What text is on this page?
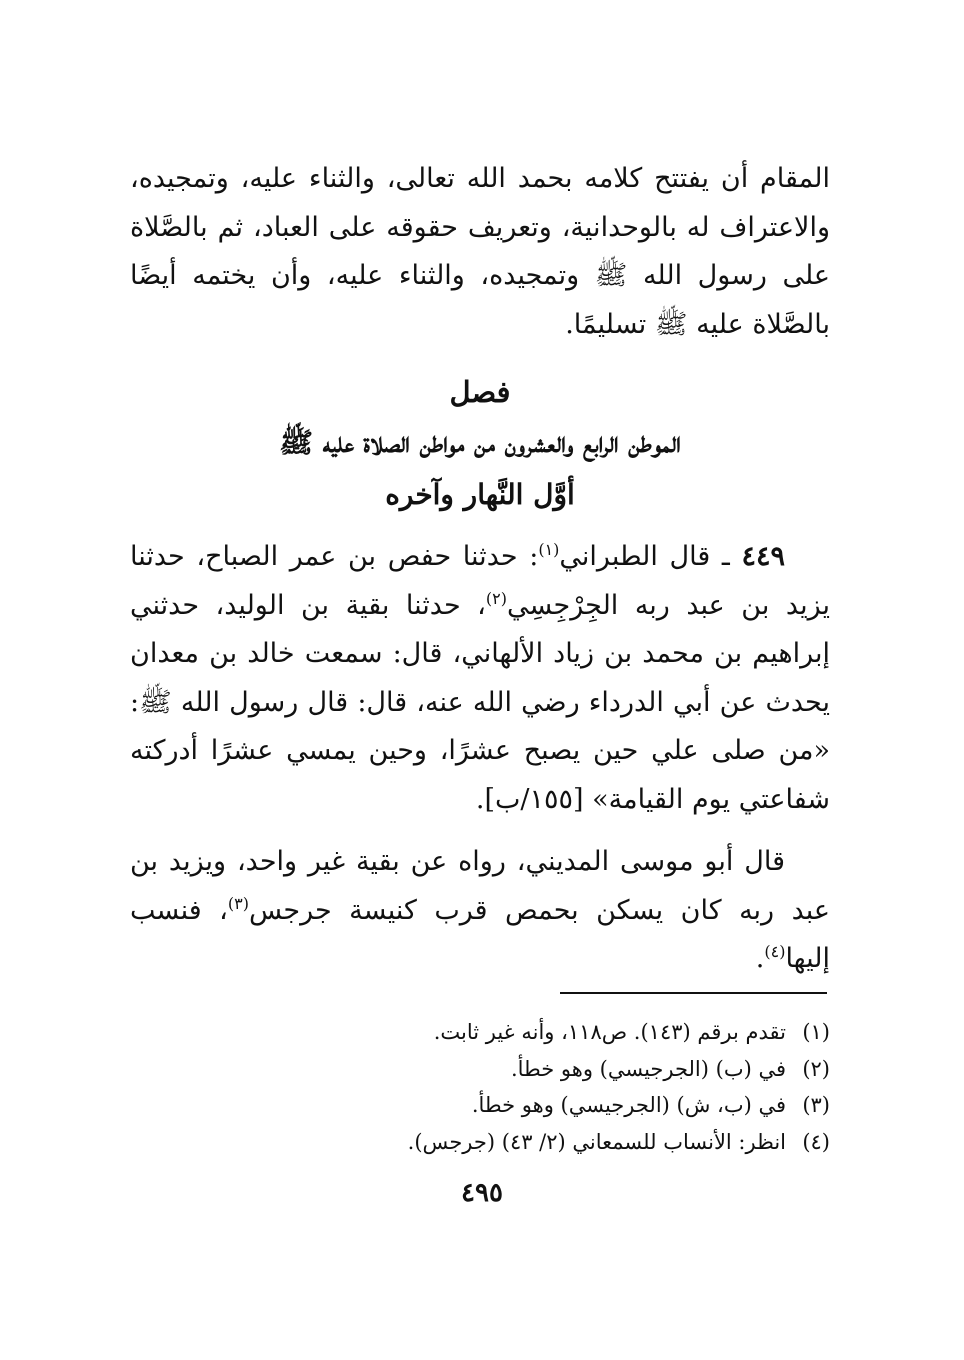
المقام أن يفتتح كلامه بحمد الله تعالى، والثناء عليه، وتمجيده، والاعتراف له بالوحدانية، وتعريف حقوقه على العباد، ثم بالصَّلاة على رسول الله ﷺ وتمجيده، والثناء عليه، وأن يختمه أيضًا بالصَّلاة عليه ﷺ تسليمًا.

فصل

الموطن الرابع والعشرون من مواطن الصلاة عليه ﷺ

أوَّل النَّهار وآخره

٤٤٩ ـ قال الطبراني$^{(١)}$: حدثنا حفص بن عمر الصباح، حدثنا يزيد بن عبد ربه الجِرْجِسِي$^{(٢)}$، حدثنا بقية بن الوليد، حدثني إبراهيم بن محمد بن زياد الألهاني، قال: سمعت خالد بن معدان يحدث عن أبي الدرداء رضي الله عنه، قال: قال رسول الله ﷺ: «من صلى علي حين يصبح عشرًا، وحين يمسي عشرًا أدركته شفاعتي يوم القيامة» [١٥٥/ب].

قال أبو موسى المديني، رواه عن بقية غير واحد، ويزيد بن عبد ربه كان يسكن بحمص قرب كنيسة جرجس$^{(٣)}$، فنسب إليها$^{(٤)}$.

(١)تقدم برقم (١٤٣). ص١١٨، وأنه غير ثابت.
(٢)في (ب) (الجرجيسي) وهو خطأ.
(٣)في (ب، ش) (الجرجيسي) وهو خطأ.
(٤)انظر: الأنساب للسمعاني (٢/ ٤٣) (جرجس).
٤٩٥
